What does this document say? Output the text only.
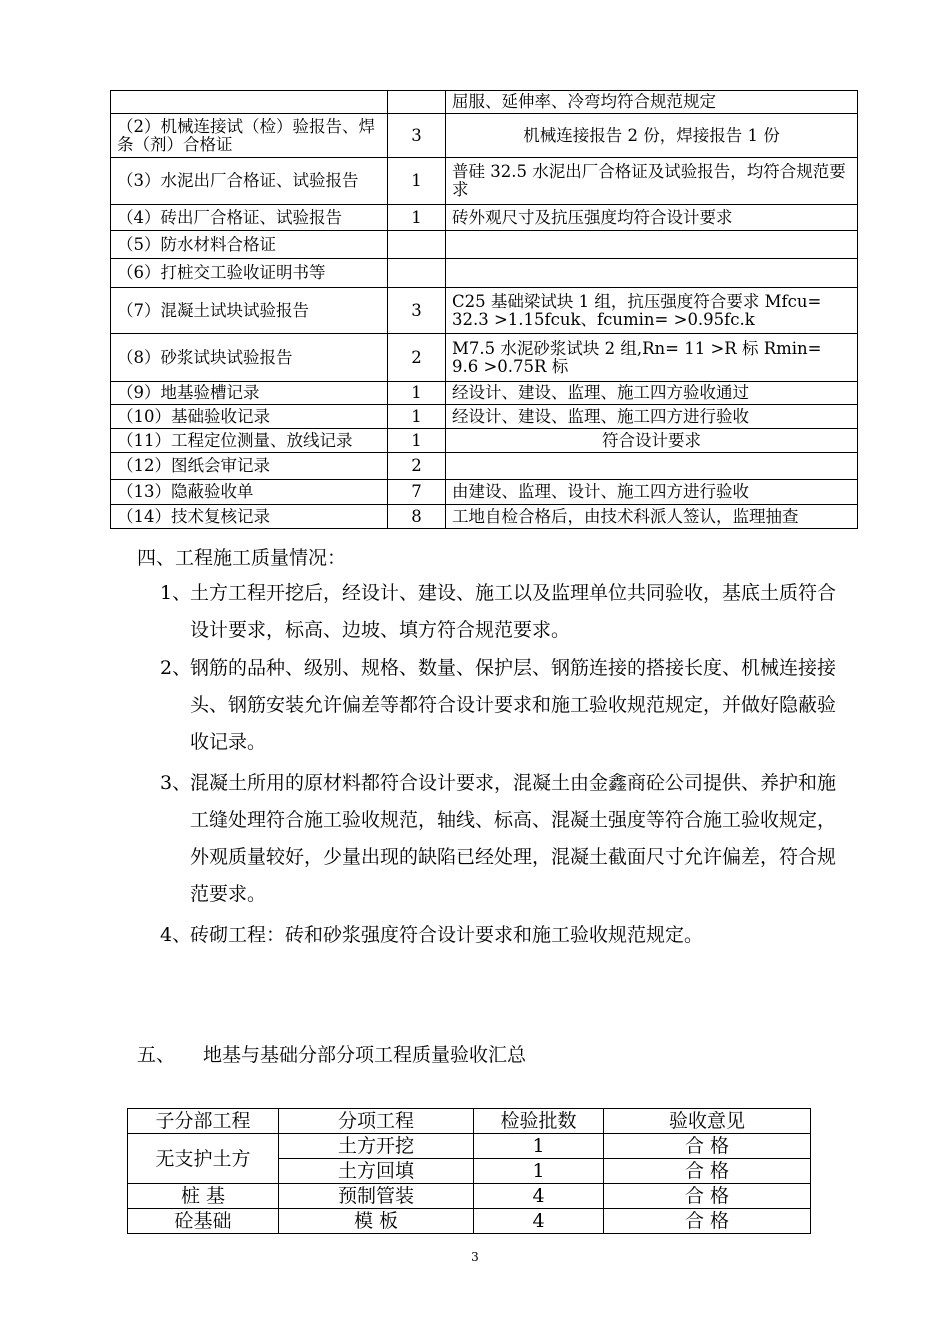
		屈服、延伸率、冷弯均符合规范规定
（2）机械连接试（检）验报告、焊条（剂）合格证	3	机械连接报告 2 份，焊接报告 1 份
（3）水泥出厂合格证、试验报告	1	普硅 32.5 水泥出厂合格证及试验报告，均符合规范要求
（4）砖出厂合格证、试验报告	1	砖外观尺寸及抗压强度均符合设计要求
（5）防水材料合格证		
（6）打桩交工验收证明书等		
（7）混凝土试块试验报告	3	C25 基础梁试块 1 组，抗压强度符合要求 Mfcu= 32.3 >1.15fcuk、fcumin= >0.95fc.k
（8）砂浆试块试验报告	2	M7.5 水泥砂浆试块 2 组,Rn= 11 >R 标 Rmin= 9.6 >0.75R 标
（9）地基验槽记录	1	经设计、建设、监理、施工四方验收通过
（10）基础验收记录	1	经设计、建设、监理、施工四方进行验收
（11）工程定位测量、放线记录	1	符合设计要求
（12）图纸会审记录	2	
（13）隐蔽验收单	7	由建设、监理、设计、施工四方进行验收
（14）技术复核记录	8	工地自检合格后，由技术科派人签认，监理抽查
四、工程施工质量情况：
1、
土方工程开挖后，经设计、建设、施工以及监理单位共同验收，基底土质符合设计要求，标高、边坡、填方符合规范要求。
2、
钢筋的品种、级别、规格、数量、保护层、钢筋连接的搭接长度、机械连接接头、钢筋安装允许偏差等都符合设计要求和施工验收规范规定，并做好隐蔽验收记录。
3、
混凝土所用的原材料都符合设计要求，混凝土由金鑫商砼公司提供、养护和施工缝处理符合施工验收规范，轴线、标高、混凝土强度等符合施工验收规定，外观质量较好，少量出现的缺陷已经处理，混凝土截面尺寸允许偏差，符合规范要求。
4、
砖砌工程：砖和砂浆强度符合设计要求和施工验收规范规定。
五、 地基与基础分部分项工程质量验收汇总
子分部工程	分项工程	检验批数	验收意见
无支护土方	土方开挖	1	合 格
	土方回填	1	合 格
桩 基	预制管装	4	合 格
砼基础	模 板	4	合 格
3
